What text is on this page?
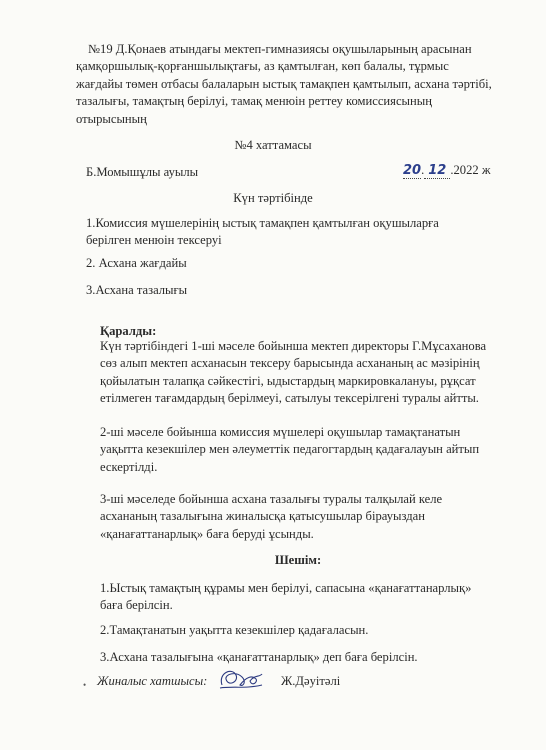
№19 Д.Қонаев атындағы мектеп-гимназиясы оқушыларының арасынан

қамқоршылық-қорғаншылықтағы, аз қамтылған, көп балалы, тұрмыс

жағдайы төмен отбасы балаларын ыстық тамақпен қамтылып, асхана тәртібі,

тазалығы, тамақтың берілуі, тамақ менюін реттеу комиссиясының

отырысының

№4 хаттамасы
Б.Момышұлы ауылы	20. 12 .2022 ж
Күн тәртібінде
1.Комиссия мүшелерінің ыстық тамақпен қамтылған оқушыларға берілген менюін тексеруі
2. Асхана жағдайы
3.Асхана тазалығы
Қаралды:
Күн тәртібіндегі 1-ші мәселе бойынша мектеп директоры Г.Мұсаханова сөз алып мектеп асханасын тексеру барысында асхананың ас мәзірінің қойылатын талапқа сәйкестігі, ыдыстардың маркировкалануы, рұқсат етілмеген тағамдардың берілмеуі, сатылуы тексерілгені туралы айтты.
2-ші мәселе бойынша комиссия мүшелері оқушылар тамақтанатын уақытта кезекшілер мен әлеуметтік педагогтардың қадағалауын айтып ескертілді.
3-ші мәселеде бойынша асхана тазалығы туралы талқылай келе асхананың тазалығына жиналысқа қатысушылар бірауыздан «қанағаттанарлық» баға беруді ұсынды.
Шешім:
1.Ыстық тамақтың құрамы мен берілуі, сапасына «қанағаттанарлық» баға берілсін.
2.Тамақтанатын уақытта кезекшілер қадағаласын.
3.Асхана тазалығына «қанағаттанарлық» деп баға берілсін.
• Жиналыс хатшысы:	Ж.Дәуітәлі
